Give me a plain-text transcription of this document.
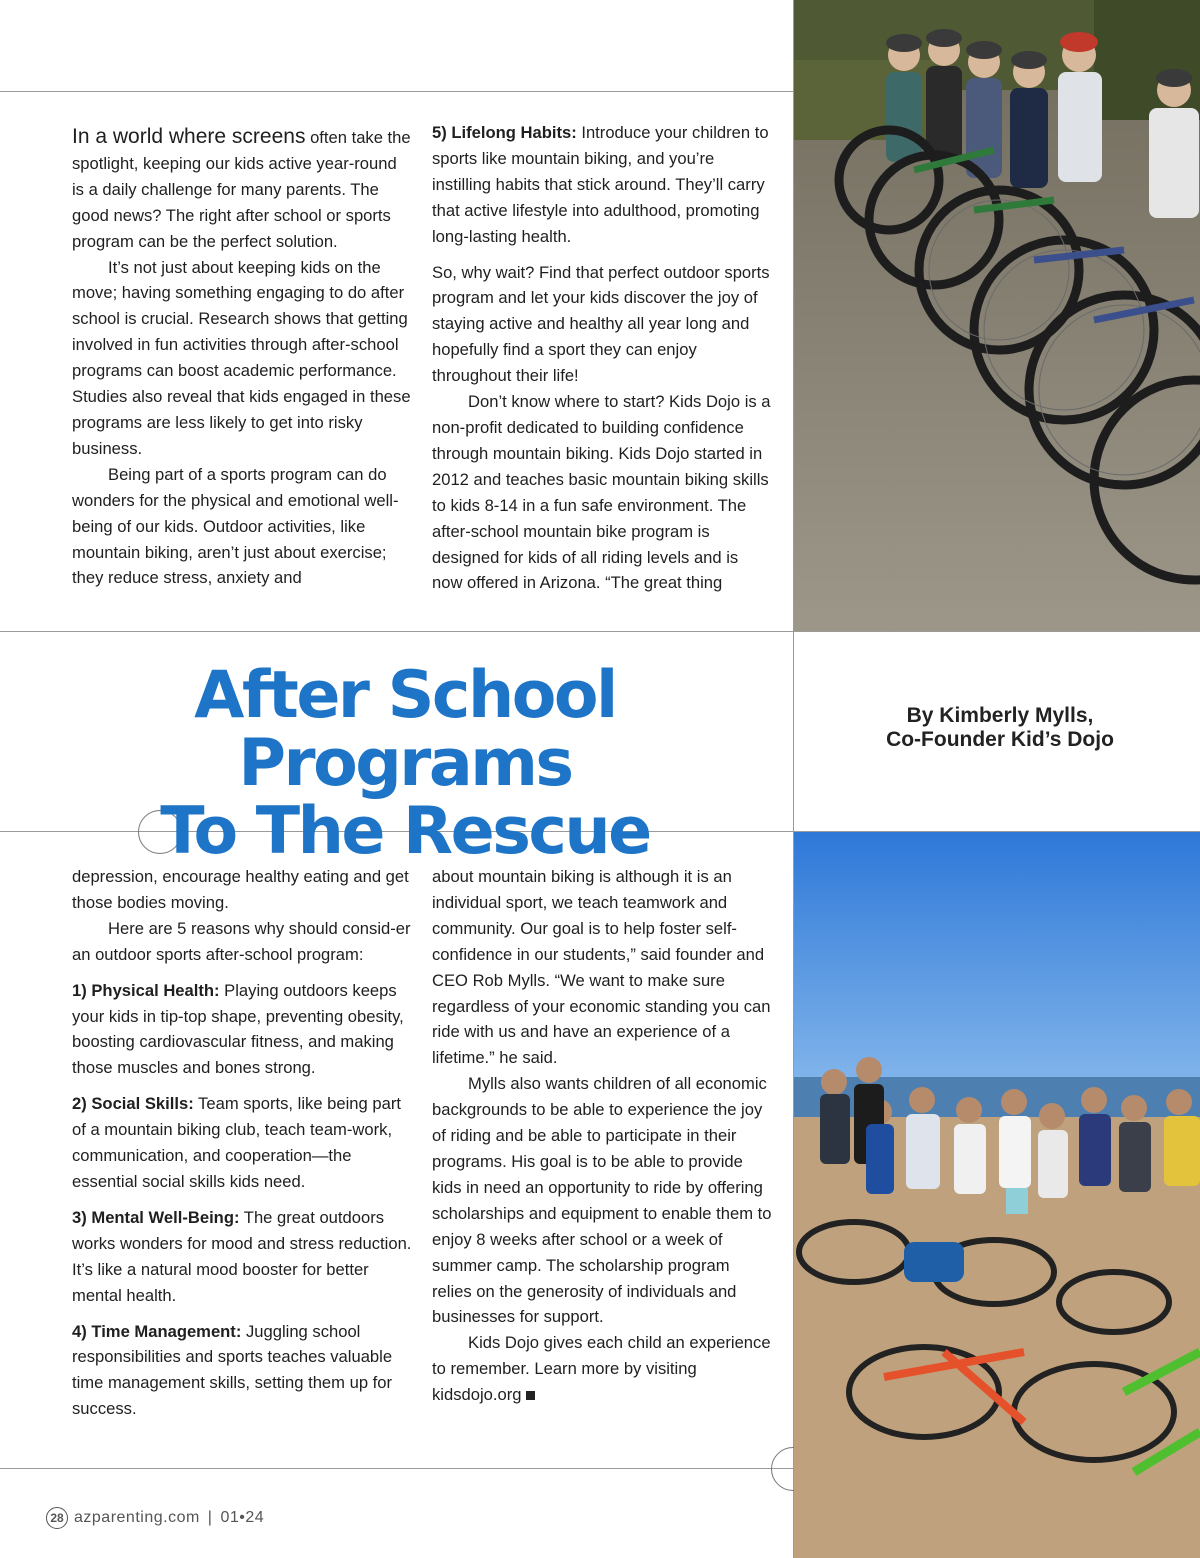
In a world where screens often take the spotlight, keeping our kids active year-round is a daily challenge for many parents. The good news? The right after school or sports program can be the perfect solution.

It’s not just about keeping kids on the move; having something engaging to do after school is crucial. Research shows that getting involved in fun activities through after-school programs can boost academic performance. Studies also reveal that kids engaged in these programs are less likely to get into risky business.

Being part of a sports program can do wonders for the physical and emotional well-being of our kids. Outdoor activities, like mountain biking, aren’t just about exercise; they reduce stress, anxiety and

5) Lifelong Habits: Introduce your children to sports like mountain biking, and you’re instilling habits that stick around. They’ll carry that active lifestyle into adulthood, promoting long-lasting health.

So, why wait? Find that perfect outdoor sports program and let your kids discover the joy of staying active and healthy all year long and hopefully find a sport they can enjoy throughout their life!

Don’t know where to start? Kids Dojo is a non-profit dedicated to building confidence through mountain biking. Kids Dojo started in 2012 and teaches basic mountain biking skills to kids 8-14 in a fun safe environment. The after-school mountain bike program is designed for kids of all riding levels and is now offered in Arizona. “The great thing

After School Programs
To The Rescue
By Kimberly Mylls,
Co-Founder Kid’s Dojo

depression, encourage healthy eating and get those bodies moving.

Here are 5 reasons why should consid-er an outdoor sports after-school program:

1) Physical Health: Playing outdoors keeps your kids in tip-top shape, preventing obesity, boosting cardiovascular fitness, and making those muscles and bones strong.

2) Social Skills: Team sports, like being part of a mountain biking club, teach team-work, communication, and cooperation—the essential social skills kids need.

3) Mental Well-Being: The great outdoors works wonders for mood and stress reduction. It’s like a natural mood booster for better mental health.

4) Time Management: Juggling school responsibilities and sports teaches valuable time management skills, setting them up for success.

about mountain biking is although it is an individual sport, we teach teamwork and community. Our goal is to help foster self-confidence in our students,” said founder and CEO Rob Mylls. “We want to make sure regardless of your economic standing you can ride with us and have an experience of a lifetime.” he said.

Mylls also wants children of all economic backgrounds to be able to experience the joy of riding and be able to participate in their programs. His goal is to be able to provide kids in need an opportunity to ride by offering scholarships and equipment to enable them to enjoy 8 weeks after school or a week of summer camp. The scholarship program relies on the generosity of individuals and businesses for support.

Kids Dojo gives each child an experience to remember. Learn more by visiting kidsdojo.org

28 azparenting.com | 01•24
